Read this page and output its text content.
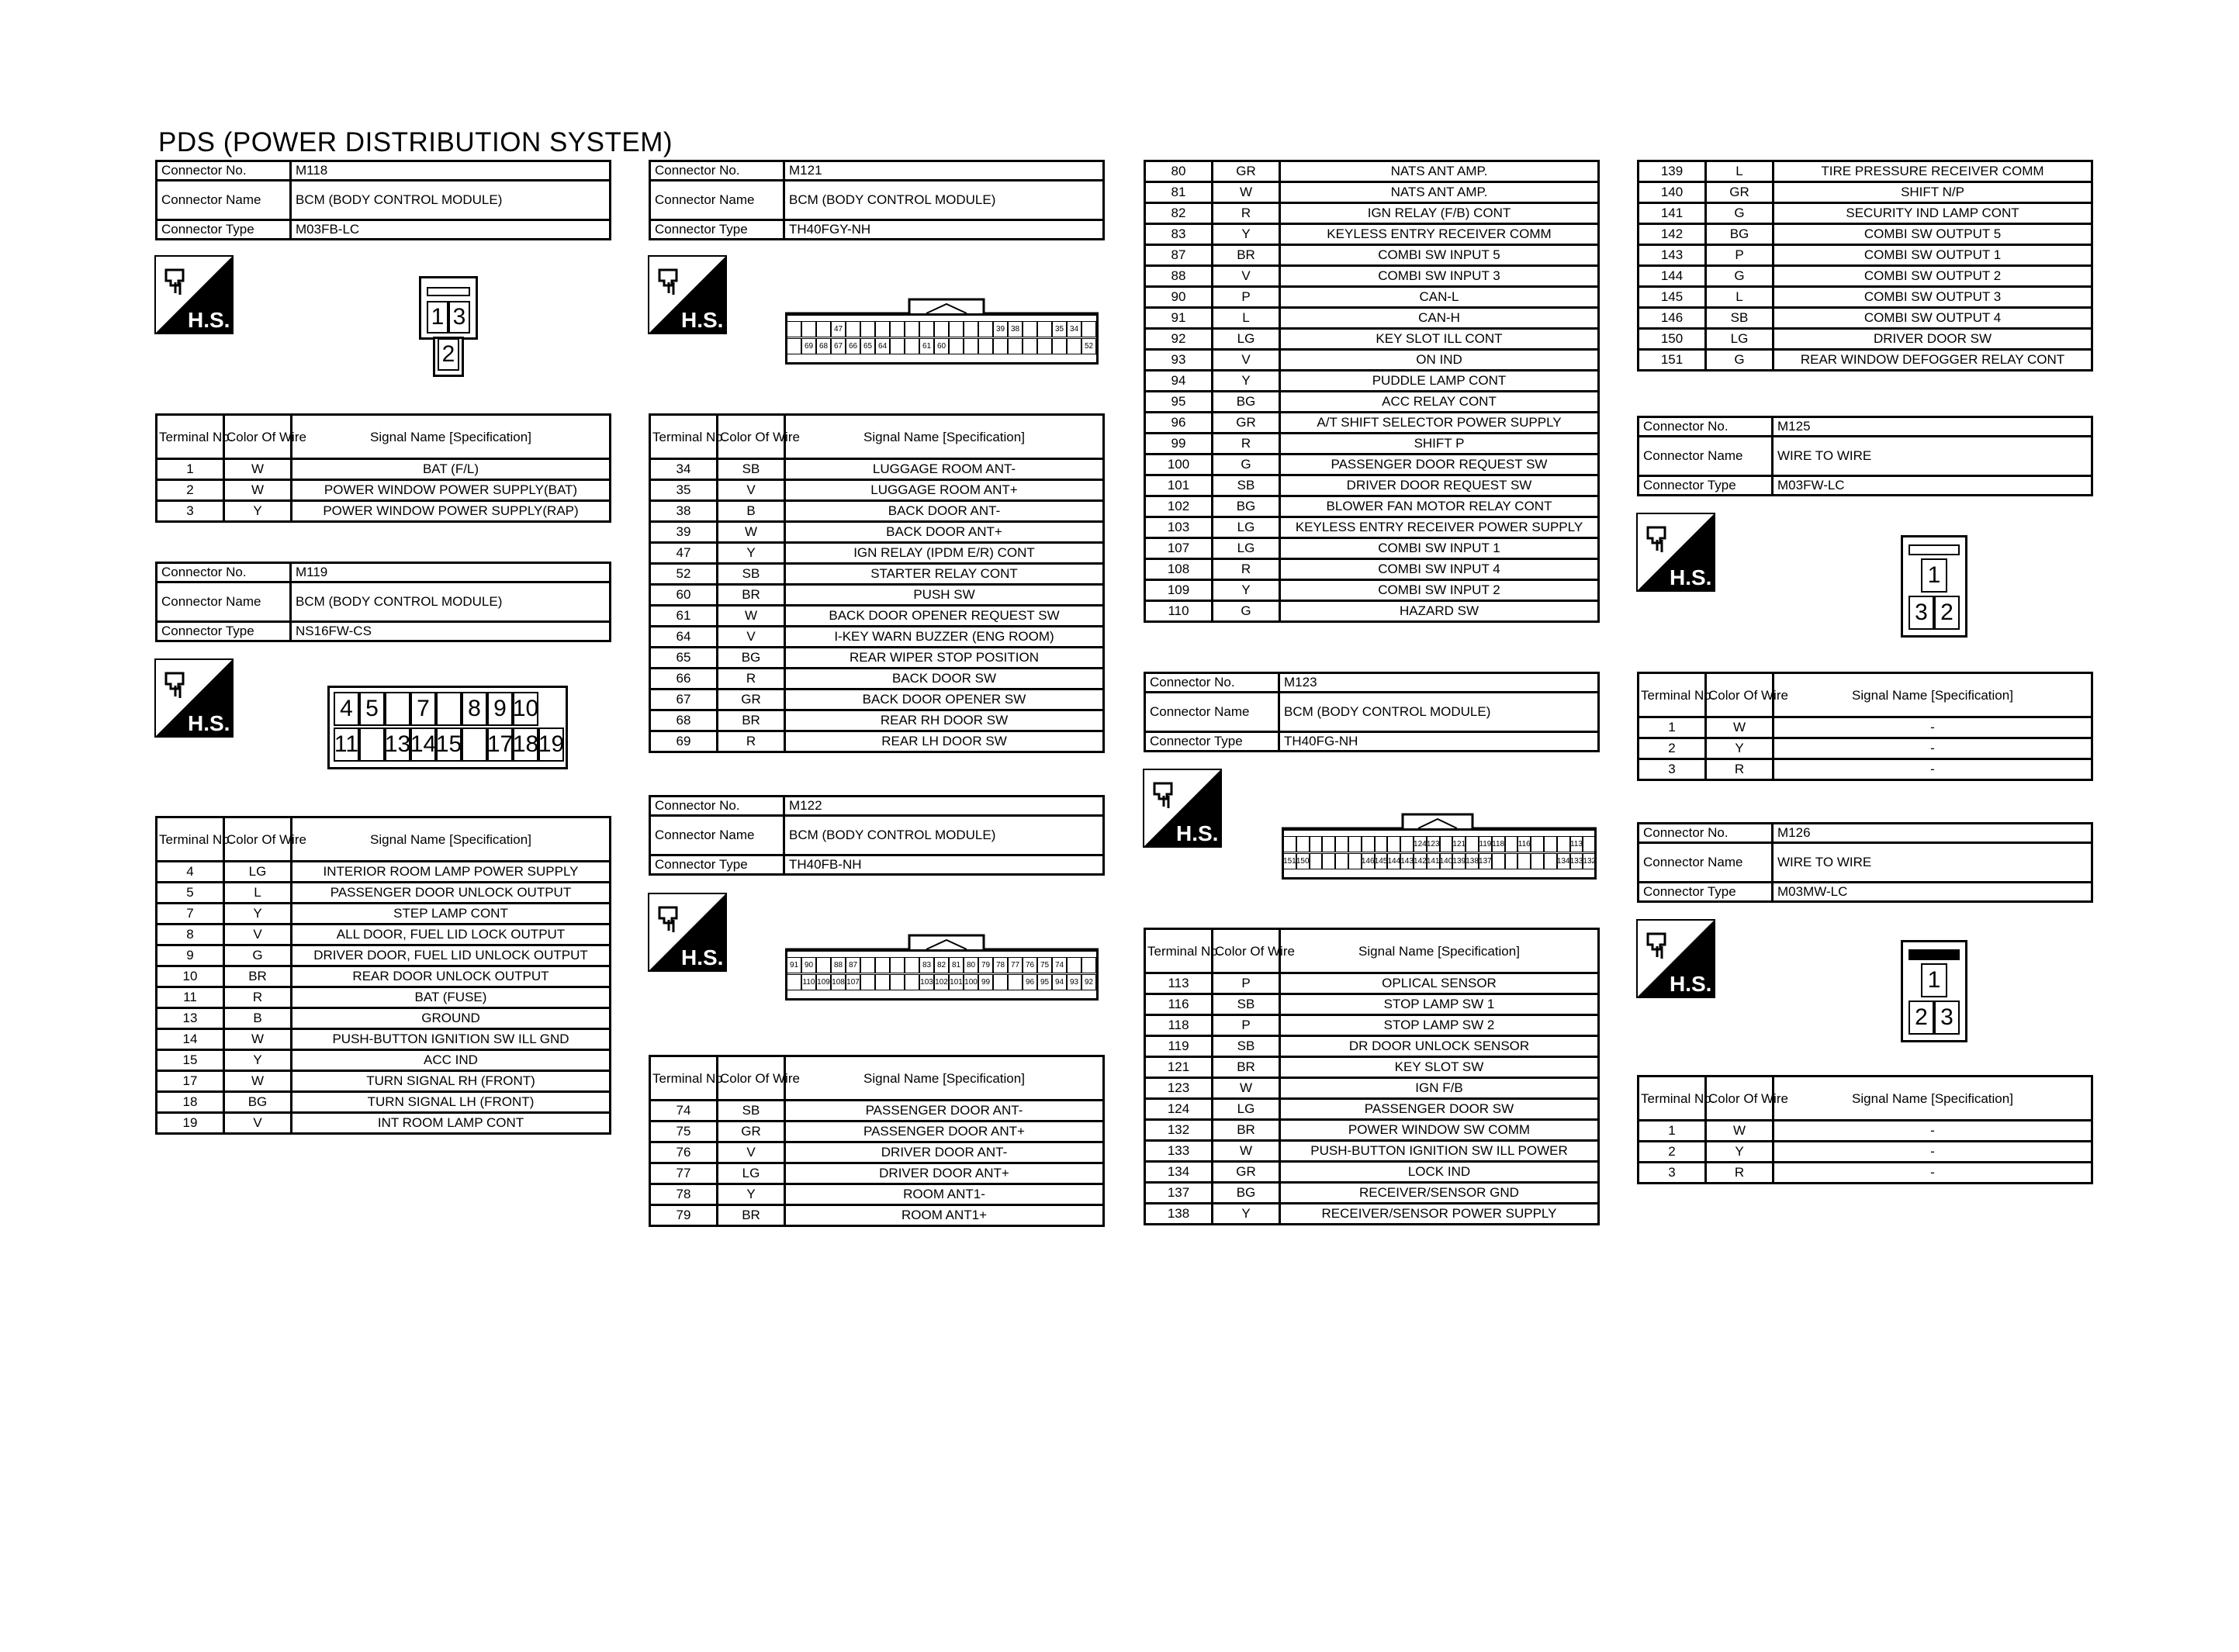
PDS (POWER DISTRIBUTION SYSTEM)
Connector No.	M118
Connector Name	BCM (BODY CONTROL MODULE)
Connector Type	M03FB-LC
H.S.	1 3
2
Terminal No.	Color Of Wire	Signal Name [Specification]
1	W	BAT (F/L)
2	W	POWER WINDOW POWER SUPPLY(BAT)
3	Y	POWER WINDOW POWER SUPPLY(RAP)
Connector No.	M119
Connector Name	BCM (BODY CONTROL MODULE)
Connector Type	NS16FW-CS
H.S.
4 5 7 8 9 10
11 13 14 15 17 18 19
Terminal No.	Color Of Wire	Signal Name [Specification]
4	LG	INTERIOR ROOM LAMP POWER SUPPLY
5	L	PASSENGER DOOR UNLOCK OUTPUT
7	Y	STEP LAMP CONT
8	V	ALL DOOR, FUEL LID LOCK OUTPUT
9	G	DRIVER DOOR, FUEL LID UNLOCK OUTPUT
10	BR	REAR DOOR UNLOCK OUTPUT
11	R	BAT (FUSE)
13	B	GROUND
14	W	PUSH-BUTTON IGNITION SW ILL GND
15	Y	ACC IND
17	W	TURN SIGNAL RH (FRONT)
18	BG	TURN SIGNAL LH (FRONT)
19	V	INT ROOM LAMP CONT
Connector No.	M121
Connector Name	BCM (BODY CONTROL MODULE)
Connector Type	TH40FGY-NH
H.S.	47	39 38	35 34
69 68 67 66 65 64	61 60	52
Terminal No.	Color Of Wire	Signal Name [Specification]
34	SB	LUGGAGE ROOM ANT-
35	V	LUGGAGE ROOM ANT+
38	B	BACK DOOR ANT-
39	W	BACK DOOR ANT+
47	Y	IGN RELAY (IPDM E/R) CONT
52	SB	STARTER RELAY CONT
60	BR	PUSH SW
61	W	BACK DOOR OPENER REQUEST SW
64	V	I-KEY WARN BUZZER (ENG ROOM)
65	BG	REAR WIPER STOP POSITION
66	R	BACK DOOR SW
67	GR	BACK DOOR OPENER SW
68	BR	REAR RH DOOR SW
69	R	REAR LH DOOR SW
Connector No.	M122
Connector Name	BCM (BODY CONTROL MODULE)
Connector Type	TH40FB-NH
H.S.	91 90	88 87	83 82 81 80 79 78 77 76 75 74
110 109 108 107	103 102 101 100 99	96 95 94 93 92
Terminal No.	Color Of Wire	Signal Name [Specification]
74	SB	PASSENGER DOOR ANT-
75	GR	PASSENGER DOOR ANT+
76	V	DRIVER DOOR ANT-
77	LG	DRIVER DOOR ANT+
78	Y	ROOM ANT1-
79	BR	ROOM ANT1+
80	GR	NATS ANT AMP.
81	W	NATS ANT AMP.
82	R	IGN RELAY (F/B) CONT
83	Y	KEYLESS ENTRY RECEIVER COMM
87	BR	COMBI SW INPUT 5
88	V	COMBI SW INPUT 3
90	P	CAN-L
91	L	CAN-H
92	LG	KEY SLOT ILL CONT
93	V	ON IND
94	Y	PUDDLE LAMP CONT
95	BG	ACC RELAY CONT
96	GR	A/T SHIFT SELECTOR POWER SUPPLY
99	R	SHIFT P
100	G	PASSENGER DOOR REQUEST SW
101	SB	DRIVER DOOR REQUEST SW
102	BG	BLOWER FAN MOTOR RELAY CONT
103	LG	KEYLESS ENTRY RECEIVER POWER SUPPLY
107	LG	COMBI SW INPUT 1
108	R	COMBI SW INPUT 4
109	Y	COMBI SW INPUT 2
110	G	HAZARD SW
Connector No.	M123
Connector Name	BCM (BODY CONTROL MODULE)
Connector Type	TH40FG-NH
H.S.	124 123 121 119 118 116	113
151 150	146 145 144 143 142 141 140 139 138 137	134 133 132
Terminal No.	Color Of Wire	Signal Name [Specification]
113	P	OPLICAL SENSOR
116	SB	STOP LAMP SW 1
118	P	STOP LAMP SW 2
119	SB	DR DOOR UNLOCK SENSOR
121	BR	KEY SLOT SW
123	W	IGN F/B
124	LG	PASSENGER DOOR SW
132	BR	POWER WINDOW SW COMM
133	W	PUSH-BUTTON IGNITION SW ILL POWER
134	GR	LOCK IND
137	BG	RECEIVER/SENSOR GND
138	Y	RECEIVER/SENSOR POWER SUPPLY
139	L	TIRE PRESSURE RECEIVER COMM
140	GR	SHIFT N/P
141	G	SECURITY IND LAMP CONT
142	BG	COMBI SW OUTPUT 5
143	P	COMBI SW OUTPUT 1
144	G	COMBI SW OUTPUT 2
145	L	COMBI SW OUTPUT 3
146	SB	COMBI SW OUTPUT 4
150	LG	DRIVER DOOR SW
151	G	REAR WINDOW DEFOGGER RELAY CONT
Connector No.	M125
Connector Name	WIRE TO WIRE
Connector Type	M03FW-LC
H.S.	1
3 2
Terminal No.	Color Of Wire	Signal Name [Specification]
1	W	-
2	Y	-
3	R	-
Connector No.	M126
Connector Name	WIRE TO WIRE
Connector Type	M03MW-LC
H.S.	1
2 3
Terminal No.	Color Of Wire	Signal Name [Specification]
1	W	-
2	Y	-
3	R	-
